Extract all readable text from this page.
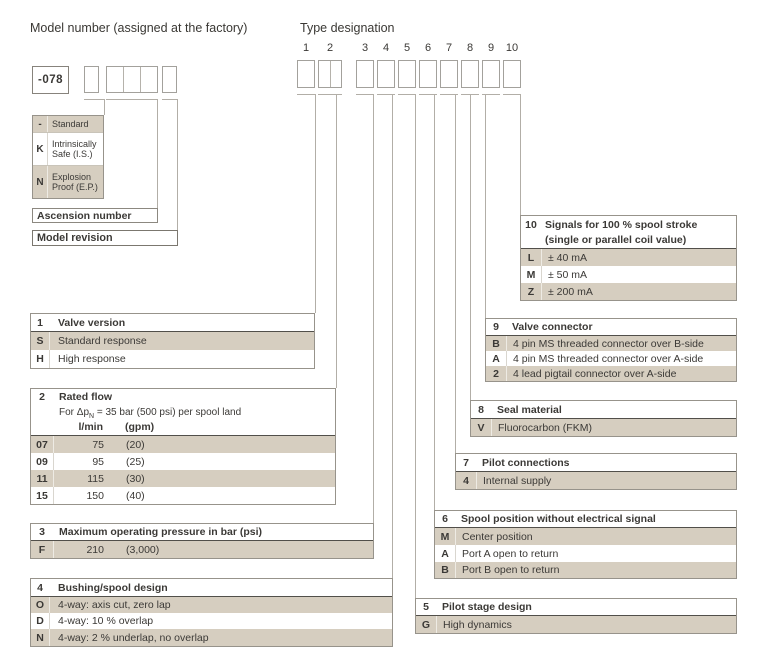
Model number (assigned at the factory)	Type designation
-078
-	Standard
K Intrinsically Safe (I.S.)
N Explosion Proof (E.P.)
Ascension number
Model revision
1	2	3	4	5	6	7	8	9	10
1	Valve version
S	Standard response
H	High response
2	Rated flow
For $\Delta p_N = 35$ bar (500 psi) per spool land
l/min	(gpm)
07	75	(20)
09	95	(25)
11	115	(30)
15	150	(40)
3	Maximum operating pressure in bar (psi)
F	210	(3,000)
4	Bushing/spool design
O	4-way: axis cut, zero lap
D	4-way: 10 % overlap
N	4-way: 2 % underlap, no overlap
5	Pilot stage design
G	High dynamics
6	Spool position without electrical signal
M	Center position
A	Port A open to return
B	Port B open to return
7	Pilot connections
4	Internal supply
8	Seal material
V	Fluorocarbon (FKM)
9	Valve connector
B	4 pin MS threaded connector over B-side
A	4 pin MS threaded connector over A-side
2	4 lead pigtail connector over A-side
10 Signals for 100 % spool stroke
(single or parallel coil value)
L	± 40 mA
M	± 50 mA
Z	± 200 mA
